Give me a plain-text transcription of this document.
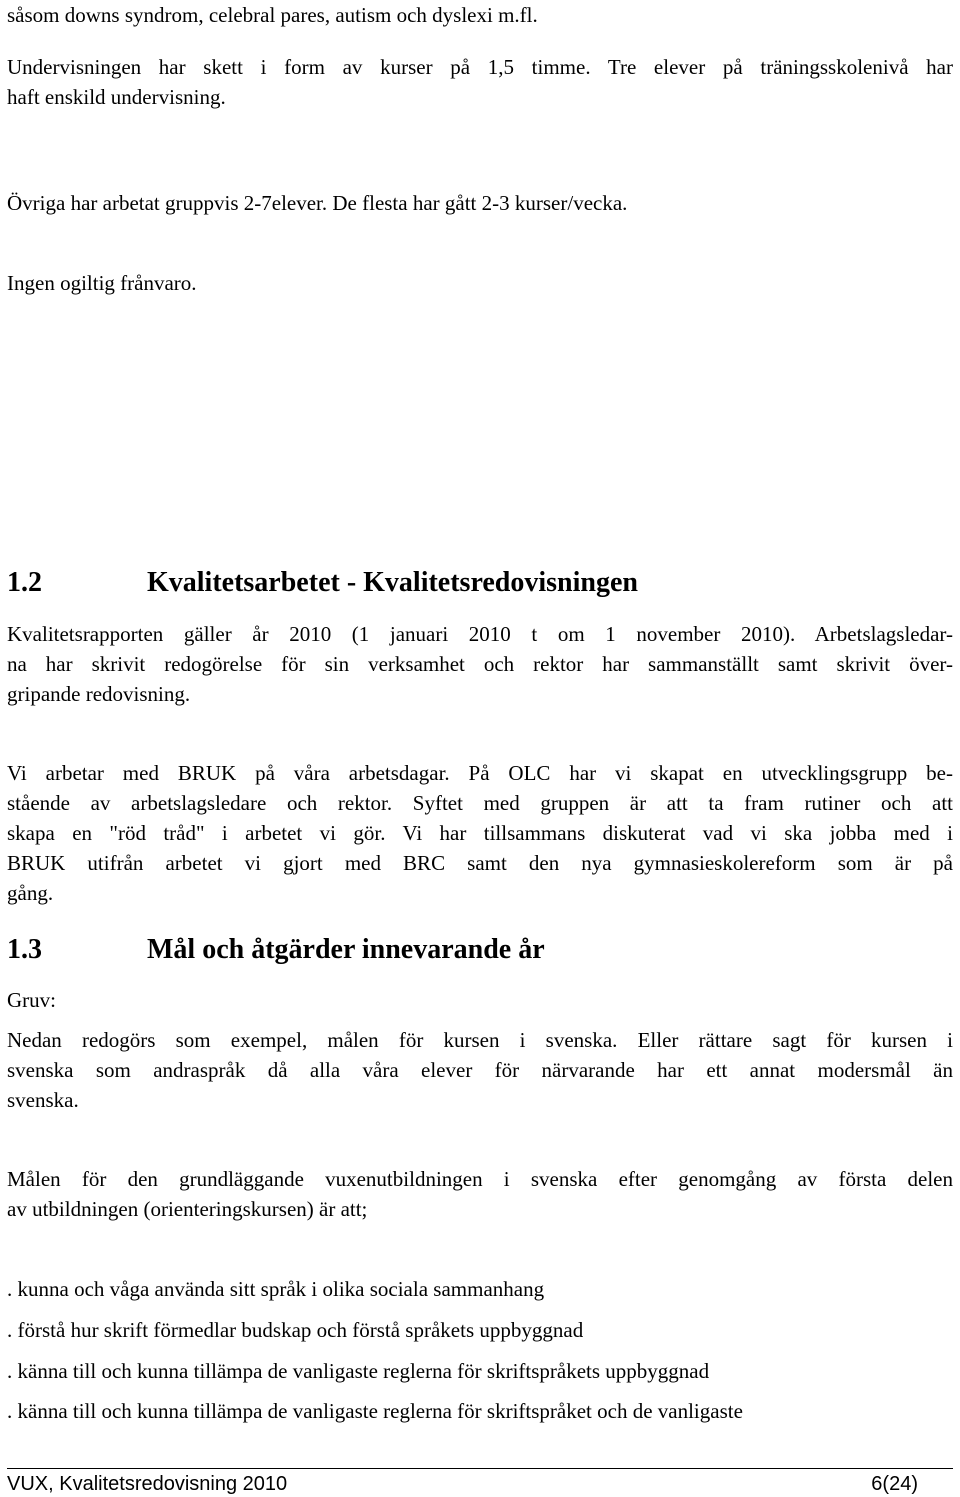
såsom downs syndrom, celebral pares, autism och dyslexi m.fl.
Undervisningen har skett i form av kurser på 1,5 timme. Tre elever på träningsskolenivå har
haft enskild undervisning.
Övriga har arbetat gruppvis 2-7elever. De flesta har gått 2-3 kurser/vecka.
Ingen ogiltig frånvaro.
1.2	Kvalitetsarbetet - Kvalitetsredovisningen
Kvalitetsrapporten gäller år 2010 (1 januari 2010 t om 1 november 2010). Arbetslagsledar-
na har skrivit redogörelse för sin verksamhet och rektor har sammanställt samt skrivit över-
gripande redovisning.
Vi arbetar med BRUK på våra arbetsdagar. På OLC har vi skapat en utvecklingsgrupp be-
stående av arbetslagsledare och rektor. Syftet med gruppen är att ta fram rutiner och att
skapa en "röd tråd" i arbetet vi gör. Vi har tillsammans diskuterat vad vi ska jobba med i
BRUK utifrån arbetet vi gjort med BRC samt den nya gymnasieskolereform som är på
gång.
1.3	Mål och åtgärder innevarande år
Gruv:
Nedan redogörs som exempel, målen för kursen i svenska. Eller rättare sagt för kursen i
svenska som andraspråk då alla våra elever för närvarande har ett annat modersmål än
svenska.
Målen för den grundläggande vuxenutbildningen i svenska efter genomgång av första delen
av utbildningen (orienteringskursen) är att;
. kunna och våga använda sitt språk i olika sociala sammanhang
. förstå hur skrift förmedlar budskap och förstå språkets uppbyggnad
. känna till och kunna tillämpa de vanligaste reglerna för skriftspråkets uppbyggnad
. känna till och kunna tillämpa de vanligaste reglerna för skriftspråket och de vanligaste
VUX, Kvalitetsredovisning 2010	6(24)
